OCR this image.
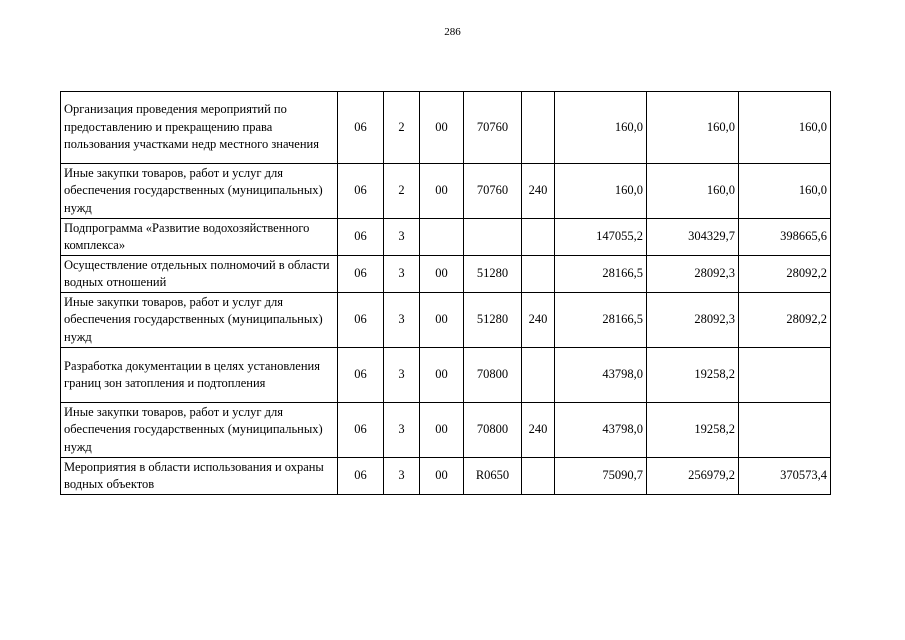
286
Организация проведения мероприятий по предоставлению и прекращению права пользования участками недр местного значения	06	2	00	70760		160,0	160,0	160,0
Иные закупки товаров, работ и услуг для обеспечения государственных (муниципальных) нужд	06	2	00	70760	240	160,0	160,0	160,0
Подпрограмма «Развитие водохозяйственного комплекса»	06	3				147055,2	304329,7	398665,6
Осуществление отдельных полномочий в области водных отношений	06	3	00	51280		28166,5	28092,3	28092,2
Иные закупки товаров, работ и услуг для обеспечения государственных (муниципальных) нужд	06	3	00	51280	240	28166,5	28092,3	28092,2
Разработка документации в целях установления границ зон затопления и подтопления	06	3	00	70800		43798,0	19258,2	
Иные закупки товаров, работ и услуг для обеспечения государственных (муниципальных) нужд	06	3	00	70800	240	43798,0	19258,2	
Мероприятия в области использования и охраны водных объектов	06	3	00	R0650		75090,7	256979,2	370573,4
